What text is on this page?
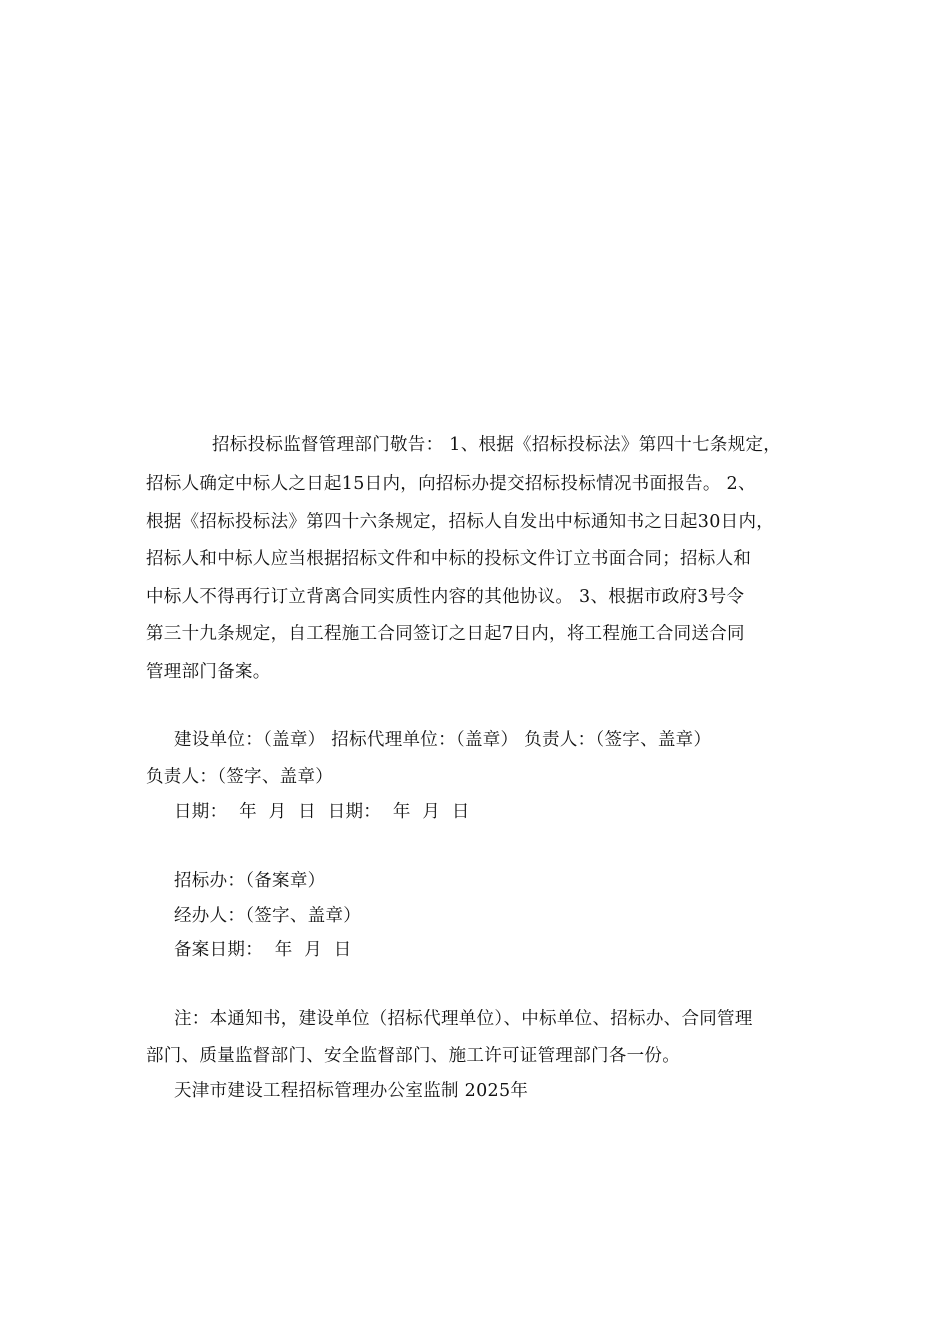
招标投标监督管理部门敬告： 1、根据《招标投标法》第四十七条规定，
招标人确定中标人之日起15日内，向招标办提交招标投标情况书面报告。 2、
根据《招标投标法》第四十六条规定，招标人自发出中标通知书之日起30日内，
招标人和中标人应当根据招标文件和中标的投标文件订立书面合同；招标人和
中标人不得再行订立背离合同实质性内容的其他协议。 3、根据市政府3号令
第三十九条规定，自工程施工合同签订之日起7日内，将工程施工合同送合同
管理部门备案。
建设单位：（盖章） 招标代理单位：（盖章） 负责人：（签字、盖章）
负责人：（签字、盖章）
日期：  年  月  日  日期：  年  月  日
招标办：（备案章）
经办人：（签字、盖章）
备案日期：  年  月  日
注：本通知书，建设单位（招标代理单位）、中标单位、招标办、合同管理
部门、质量监督部门、安全监督部门、施工许可证管理部门各一份。
天津市建设工程招标管理办公室监制 2025年
